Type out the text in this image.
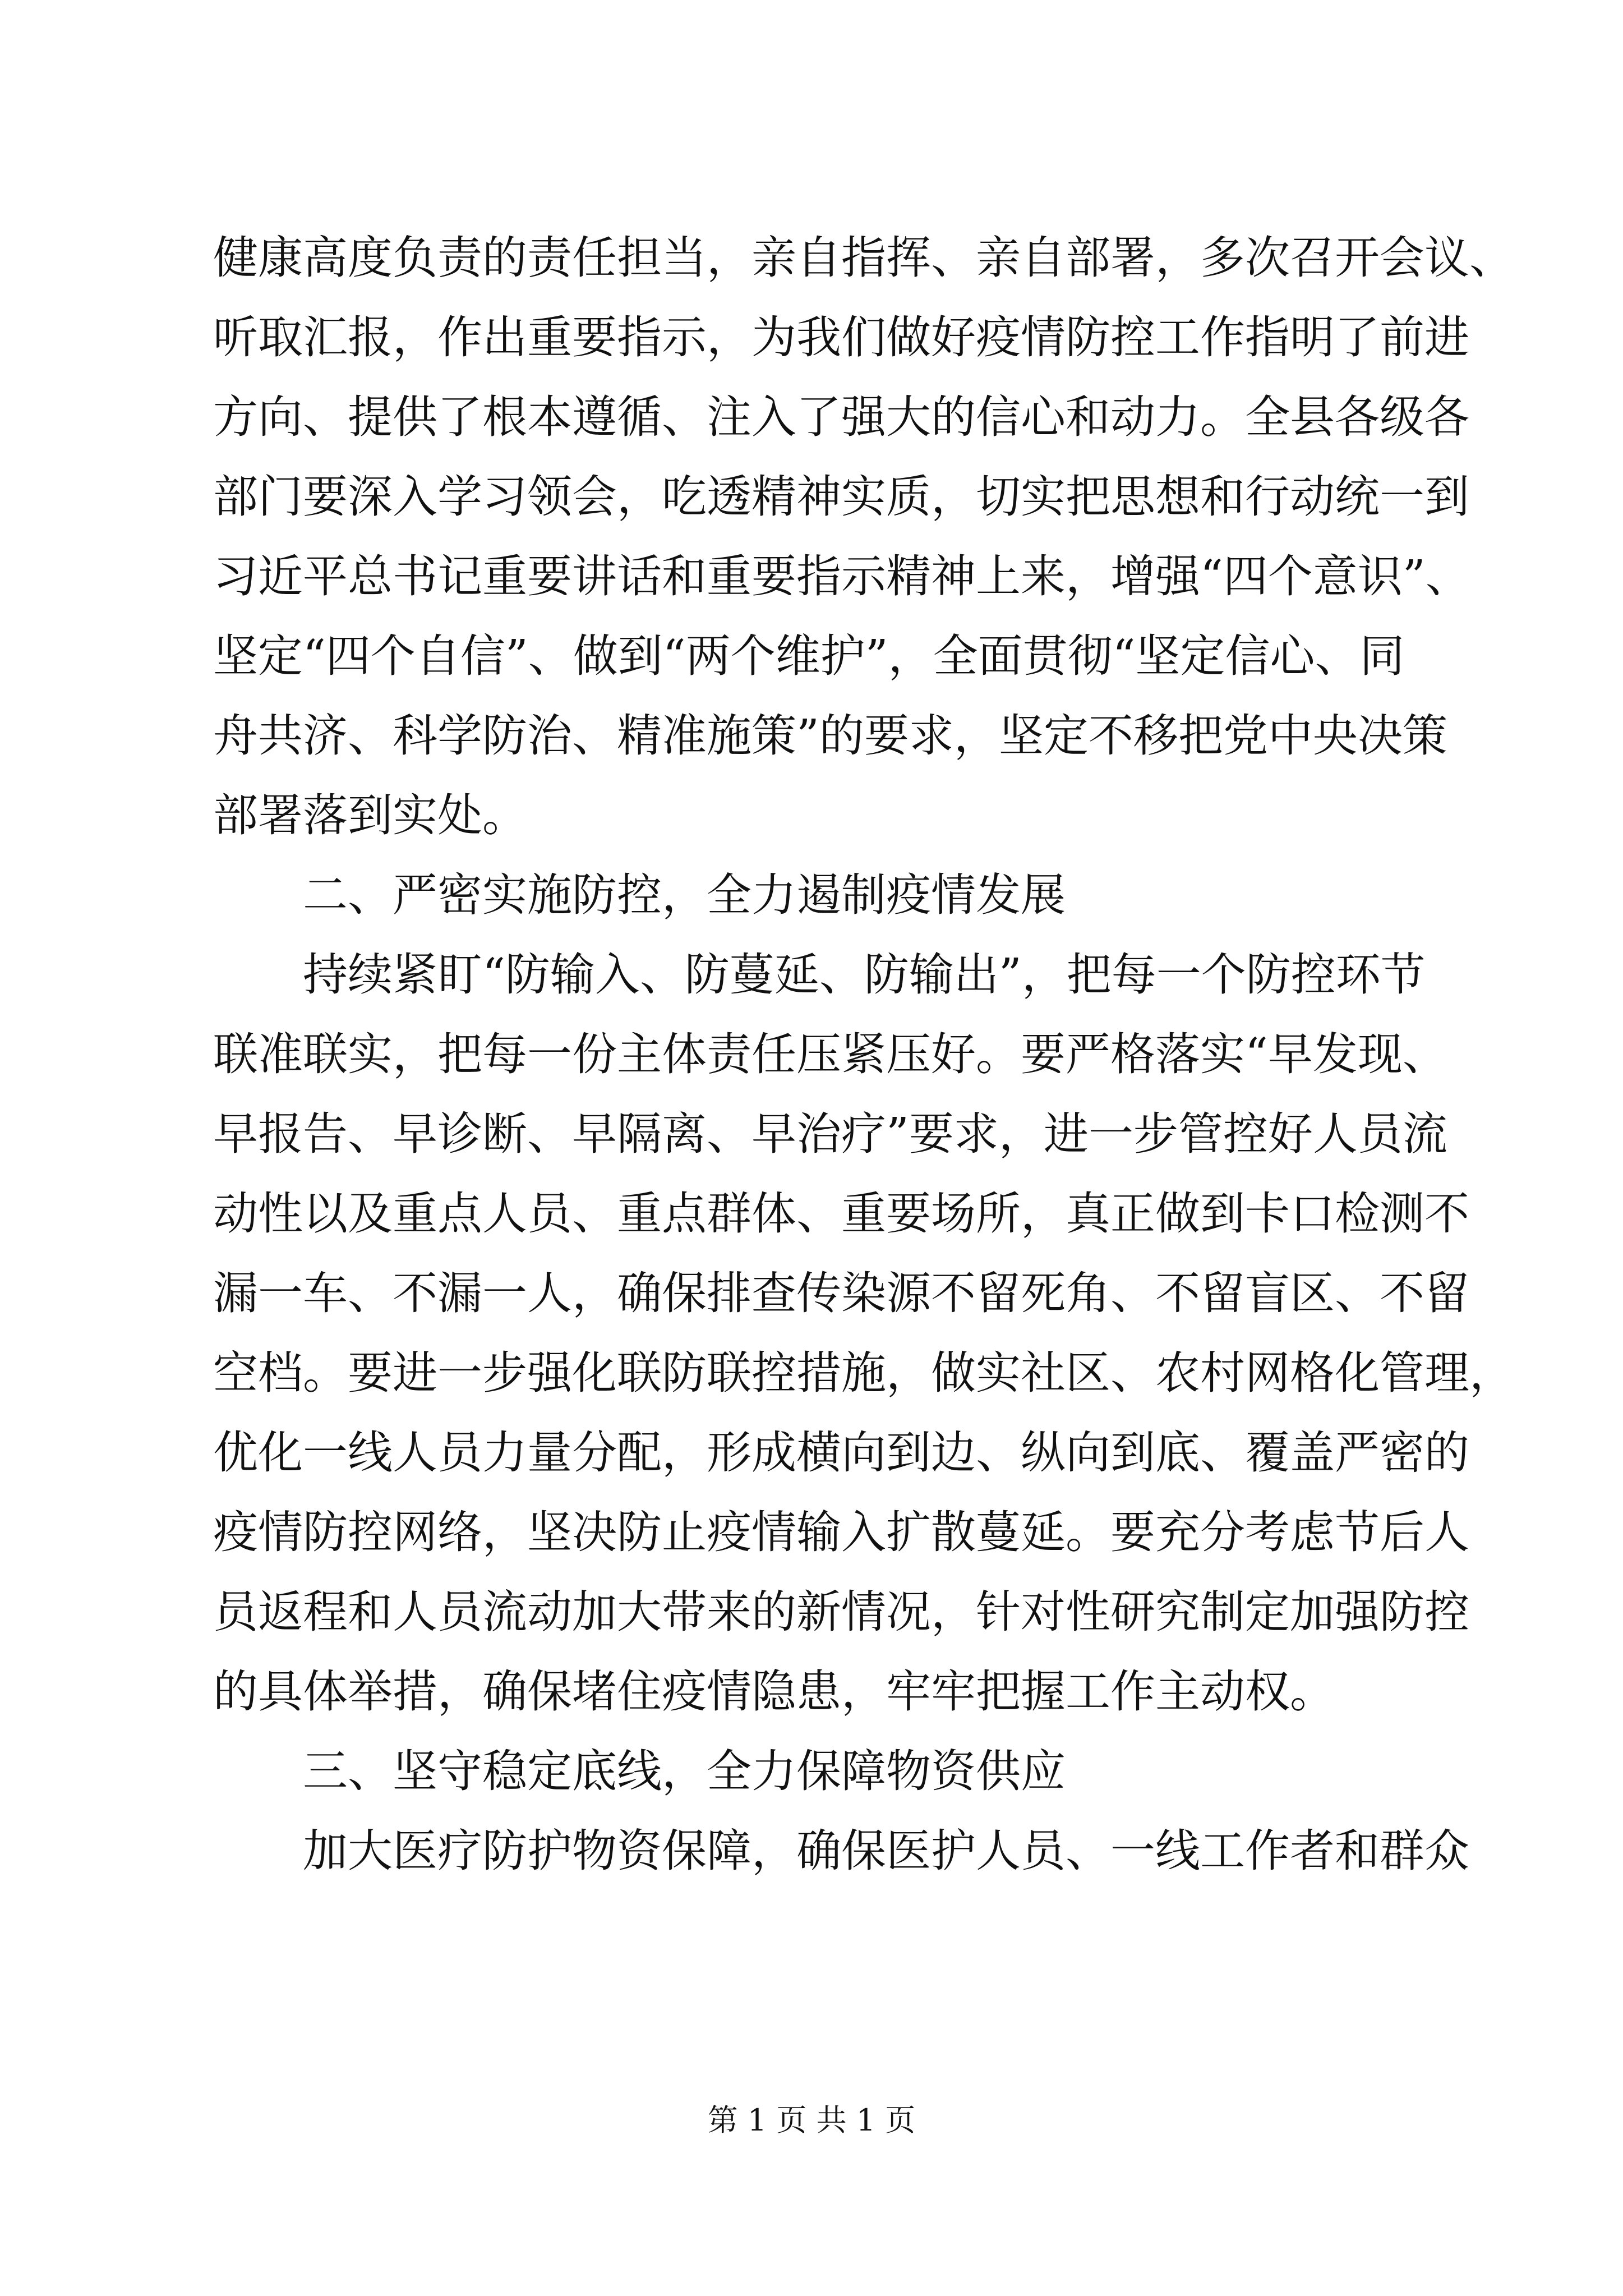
健康高度负责的责任担当，亲自指挥、亲自部署，多次召开会议、
听取汇报，作出重要指示，为我们做好疫情防控工作指明了前进
方向、提供了根本遵循、注入了强大的信心和动力。全县各级各
部门要深入学习领会，吃透精神实质，切实把思想和行动统一到
习近平总书记重要讲话和重要指示精神上来，增强“四个意识”、
坚定“四个自信”、做到“两个维护”，全面贯彻“坚定信心、同
舟共济、科学防治、精准施策”的要求，坚定不移把党中央决策
部署落到实处。
二、严密实施防控，全力遏制疫情发展
持续紧盯“防输入、防蔓延、防输出”，把每一个防控环节
联准联实，把每一份主体责任压紧压好。要严格落实“早发现、
早报告、早诊断、早隔离、早治疗”要求，进一步管控好人员流
动性以及重点人员、重点群体、重要场所，真正做到卡口检测不
漏一车、不漏一人，确保排查传染源不留死角、不留盲区、不留
空档。要进一步强化联防联控措施，做实社区、农村网格化管理，
优化一线人员力量分配，形成横向到边、纵向到底、覆盖严密的
疫情防控网络，坚决防止疫情输入扩散蔓延。要充分考虑节后人
员返程和人员流动加大带来的新情况，针对性研究制定加强防控
的具体举措，确保堵住疫情隐患，牢牢把握工作主动权。
三、坚守稳定底线，全力保障物资供应
加大医疗防护物资保障，确保医护人员、一线工作者和群众
第 1 页 共 1 页
